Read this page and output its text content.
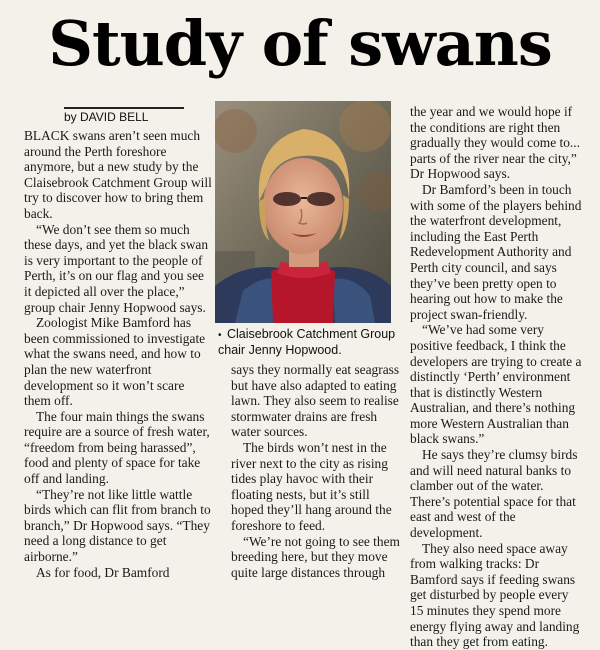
Study of swans
by DAVID BELL

BLACK swans aren’t seen much around the Perth foreshore anymore, but a new study by the Claisebrook Catchment Group will try to discover how to bring them back.

“We don’t see them so much these days, and yet the black swan is very important to the people of Perth, it’s on our flag and you see it depicted all over the place,” group chair Jenny Hopwood says.

Zoologist Mike Bamford has been commissioned to investigate what the swans need, and how to plan the new waterfront development so it won’t scare them off.

The four main things the swans require are a source of fresh water, “freedom from being harassed”, food and plenty of space for take off and landing.

“They’re not like little wattle birds which can flit from branch to branch,” Dr Hopwood says. “They need a long distance to get airborne.”

As for food, Dr Bamford

• Claisebrook Catchment Group chair Jenny Hopwood.

says they normally eat seagrass but have also adapted to eating lawn. They also seem to realise stormwater drains are fresh water sources.

The birds won’t nest in the river next to the city as rising tides play havoc with their floating nests, but it’s still hoped they’ll hang around the foreshore to feed.

“We’re not going to see them breeding here, but they move quite large distances through

the year and we would hope if the conditions are right then gradually they would come to... parts of the river near the city,” Dr Hopwood says.

Dr Bamford’s been in touch with some of the players behind the waterfront development, including the East Perth Redevelopment Authority and Perth city council, and says they’ve been pretty open to hearing out how to make the project swan-friendly.

“We’ve had some very positive feedback, I think the developers are trying to create a distinctly ‘Perth’ environment that is distinctly Western Australian, and there’s nothing more Western Australian than black swans.”

He says they’re clumsy birds and will need natural banks to clamber out of the water. There’s potential space for that east and west of the development.

They also need space away from walking tracks: Dr Bamford says if feeding swans get disturbed by people every 15 minutes they spend more energy flying away and landing than they get from eating.
